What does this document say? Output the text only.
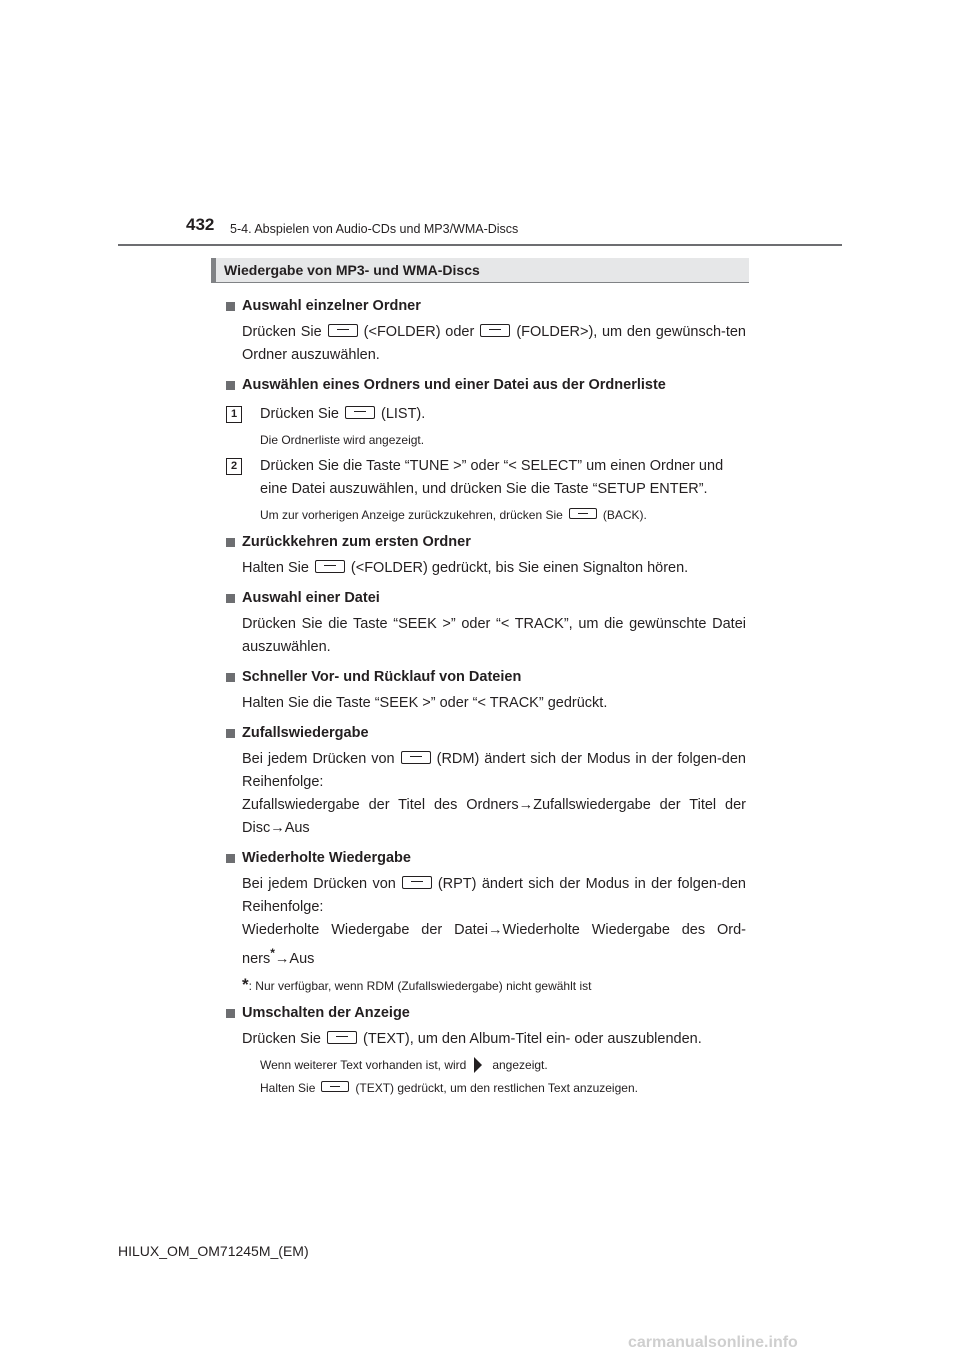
432 5-4. Abspielen von Audio-CDs und MP3/WMA-Discs
Wiedergabe von MP3- und WMA-Discs
Auswahl einzelner Ordner
Drücken Sie	(<FOLDER) oder	(FOLDER>), um den gewünsch-ten Ordner auszuwählen.
Auswählen eines Ordners und einer Datei aus der Ordnerliste
1	Drücken Sie	(LIST).
Die Ordnerliste wird angezeigt.
2	Drücken Sie die Taste “TUNE >” oder “< SELECT” um einen Ordner und eine Datei auszuwählen, und drücken Sie die Taste “SETUP ENTER”.
Um zur vorherigen Anzeige zurückzukehren, drücken Sie	(BACK).
Zurückkehren zum ersten Ordner
Halten Sie	(<FOLDER) gedrückt, bis Sie einen Signalton hören.
Auswahl einer Datei
Drücken Sie die Taste “SEEK >” oder “< TRACK”, um die gewünschte Datei auszuwählen.
Schneller Vor- und Rücklauf von Dateien
Halten Sie die Taste “SEEK >” oder “< TRACK” gedrückt.
Zufallswiedergabe
Bei jedem Drücken von	(RDM) ändert sich der Modus in der folgen-den Reihenfolge:
Zufallswiedergabe der Titel des Ordners→Zufallswiedergabe der Titel der Disc→Aus
Wiederholte Wiedergabe
Bei jedem Drücken von	(RPT) ändert sich der Modus in der folgen-den Reihenfolge:
Wiederholte Wiedergabe der Datei→Wiederholte Wiedergabe des Ord-ners*→Aus
*: Nur verfügbar, wenn RDM (Zufallswiedergabe) nicht gewählt ist
Umschalten der Anzeige
Drücken Sie	(TEXT), um den Album-Titel ein- oder auszublenden.
Wenn weiterer Text vorhanden ist, wird angezeigt.
Halten Sie	(TEXT) gedrückt, um den restlichen Text anzuzeigen.
HILUX_OM_OM71245M_(EM)
carmanualsonline.info
